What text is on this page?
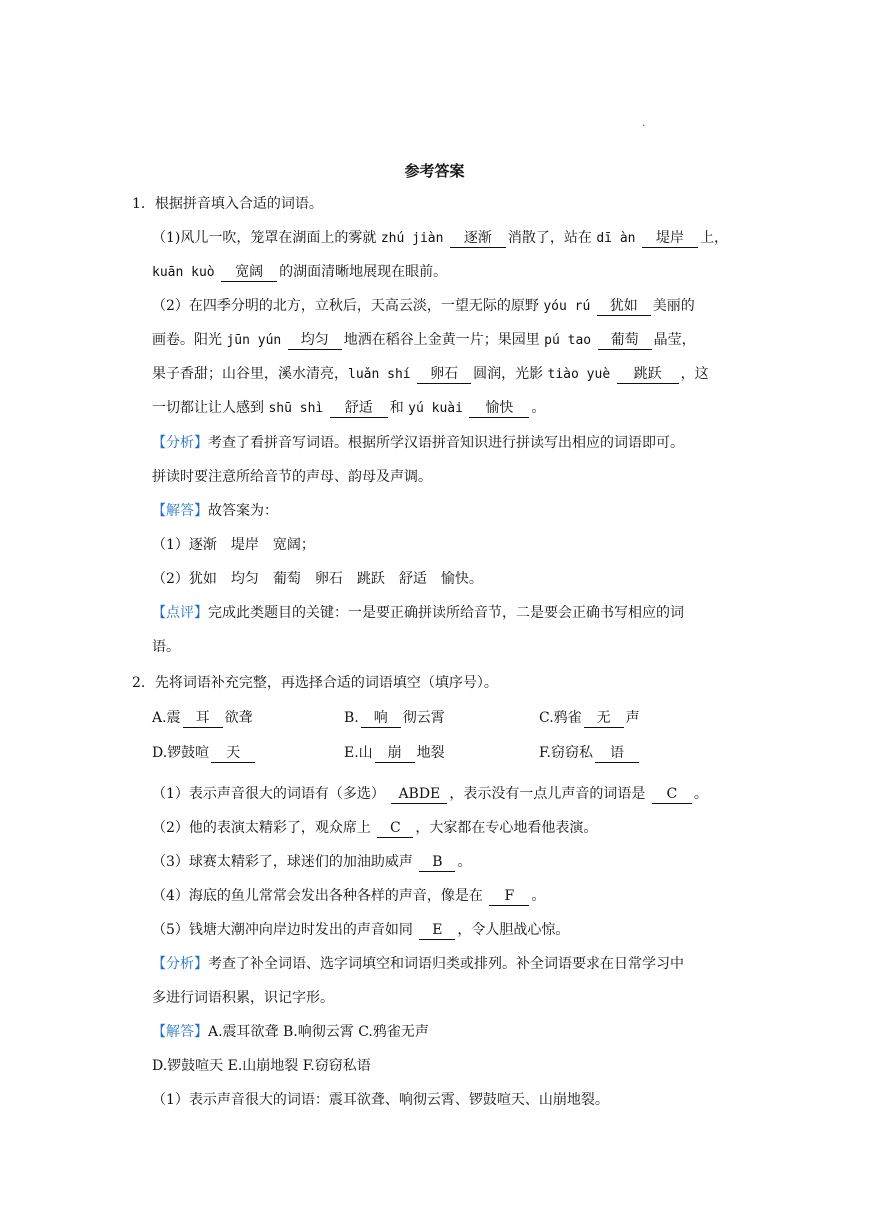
.
参考答案
1．根据拼音填入合适的词语。
（1)风儿一吹，笼罩在湖面上的雾就 zhú jiàn 逐渐 消散了，站在 dī àn 堤岸 上，
kuān kuò 宽阔 的湖面清晰地展现在眼前。
（2）在四季分明的北方，立秋后，天高云淡，一望无际的原野 yóu rú 犹如 美丽的
画卷。阳光 jūn yún 均匀 地洒在稻谷上金黄一片；果园里 pú tao 葡萄 晶莹，
果子香甜；山谷里，溪水清亮，luǎn shí 卵石 圆润，光影 tiào yuè 跳跃 ，这
一切都让让人感到 shū shì 舒适 和 yú kuài 愉快 。
【分析】考查了看拼音写词语。根据所学汉语拼音知识进行拼读写出相应的词语即可。
拼读时要注意所给音节的声母、韵母及声调。
【解答】故答案为：
（1）逐渐　堤岸　宽阔；
（2）犹如　均匀　葡萄　卵石　跳跃　舒适　愉快。
【点评】完成此类题目的关键：一是要正确拼读所给音节，二是要会正确书写相应的词
语。
2．先将词语补充完整，再选择合适的词语填空（填序号）。
A.震 耳 欲聋	B. 响 彻云霄	C.鸦雀 无 声
D.锣鼓喧 天	E.山 崩 地裂	F.窃窃私 语
（1）表示声音很大的词语有（多选） ABDE ，表示没有一点儿声音的词语是 C 。
（2）他的表演太精彩了，观众席上 C ，大家都在专心地看他表演。
（3）球赛太精彩了，球迷们的加油助威声 B 。
（4）海底的鱼儿常常会发出各种各样的声音，像是在 F 。
（5）钱塘大潮冲向岸边时发出的声音如同 E ，令人胆战心惊。
【分析】考查了补全词语、选字词填空和词语归类或排列。补全词语要求在日常学习中
多进行词语积累，识记字形。
【解答】A.震耳欲聋 B.响彻云霄 C.鸦雀无声
D.锣鼓喧天 E.山崩地裂 F.窃窃私语
（1）表示声音很大的词语：震耳欲聋、响彻云霄、锣鼓喧天、山崩地裂。
